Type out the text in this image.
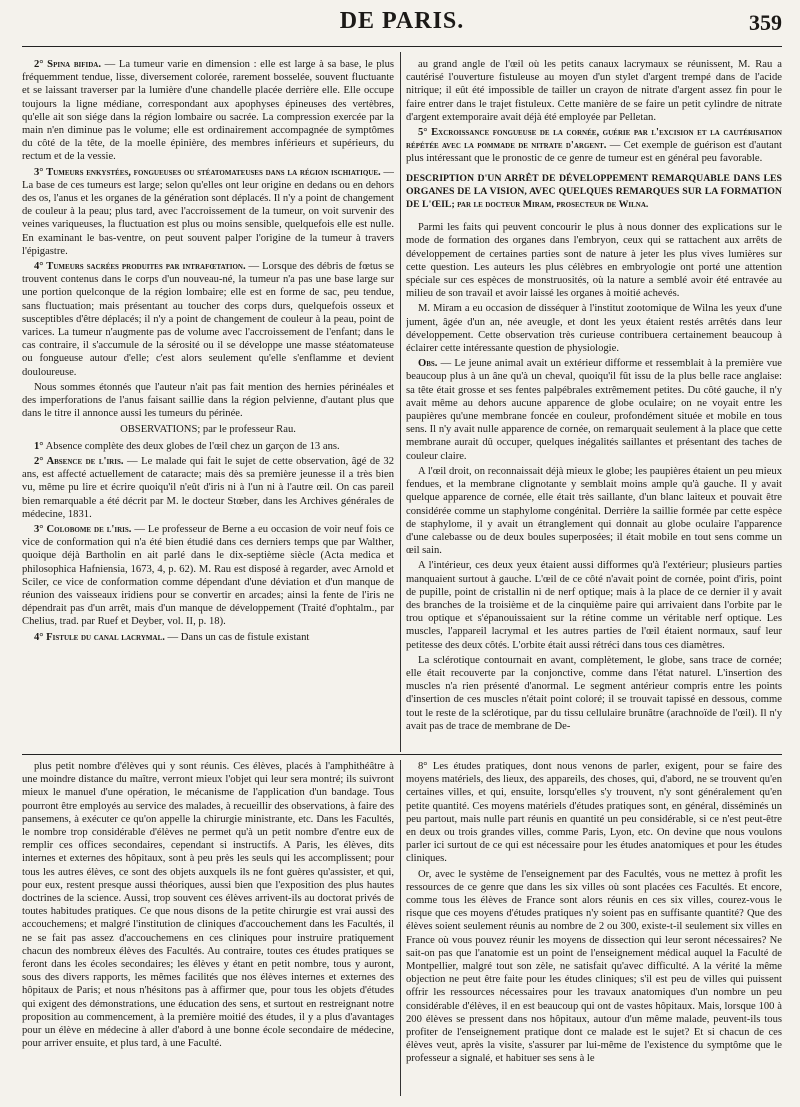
DE PARIS.	359

2° Spina bifida. — La tumeur varie en dimension : elle est large à sa base, le plus fréquemment tendue, lisse, diversement colorée, rarement bosselée, souvent fluctuante et se laissant traverser par la lumière d'une chandelle placée derrière elle. Elle occupe toujours la ligne médiane, correspondant aux apophyses épineuses des vertèbres, qu'elle ait son siége dans la région lombaire ou sacrée. La compression exercée par la main n'en diminue pas le volume; elle est ordinairement accompagnée de symptômes du côté de la tête, de la moelle épinière, des membres inférieurs et supérieurs, du rectum et de la vessie.

3° Tumeurs enkystées, fongueuses ou stéatomateuses dans la région ischiatique. — La base de ces tumeurs est large; selon qu'elles ont leur origine en dedans ou en dehors des os, l'anus et les organes de la génération sont déplacés. Il n'y a point de changement de couleur à la peau; plus tard, avec l'accroissement de la tumeur, on voit survenir des veines variqueuses, la fluctuation est plus ou moins sensible, quelquefois elle est nulle. En examinant le bas-ventre, on peut souvent palper l'origine de la tumeur à travers l'épigastre.

4° Tumeurs sacrées produites par intrafœtation. — Lorsque des débris de fœtus se trouvent contenus dans le corps d'un nouveau-né, la tumeur n'a pas une base large sur une portion quelconque de la région lombaire; elle est en forme de sac, peu tendue, sans fluctuation; mais présentant au toucher des corps durs, quelquefois osseux et susceptibles d'être déplacés; il n'y a point de changement de couleur à la peau, point de varices. La tumeur n'augmente pas de volume avec l'accroissement de l'enfant; dans le cas contraire, il s'accumule de la sérosité ou il se développe une masse stéatomateuse ou fongueuse autour d'elle; c'est alors seulement qu'elle s'enflamme et devient douloureuse.

Nous sommes étonnés que l'auteur n'ait pas fait mention des hernies périnéales et des imperforations de l'anus faisant saillie dans la région pelvienne, d'autant plus que dans le titre il annonce aussi les tumeurs du périnée.

OBSERVATIONS; par le professeur Rau.

1° Absence complète des deux globes de l'œil chez un garçon de 13 ans.

2° Absence de l'iris. — Le malade qui fait le sujet de cette observation, âgé de 32 ans, est affecté actuellement de cataracte; mais dès sa première jeunesse il a très bien vu, même pu lire et écrire quoiqu'il n'eût d'iris ni à l'un ni à l'autre œil. On cas pareil bien remarquable a été décrit par M. le docteur Stœber, dans les Archives générales de médecine, 1831.

3° Colobome de l'iris. — Le professeur de Berne a eu occasion de voir neuf fois ce vice de conformation qui n'a été bien étudié dans ces derniers temps que par Walther, quoique déjà Bartholin en ait parlé dans le dix-septième siècle (Acta medica et philosophica Hafniensia, 1673, 4, p. 62). M. Rau est disposé à regarder, avec Arnold et Sciler, ce vice de conformation comme dépendant d'une déviation et d'un manque de réunion des vaisseaux iridiens pour se convertir en arcades; ainsi la fente de l'iris ne dépendrait pas d'un arrêt, mais d'un manque de développement (Traité d'ophtalm., par Chelius, trad. par Ruef et Deyber, vol. II, p. 18).

4° Fistule du canal lacrymal. — Dans un cas de fistule existant

au grand angle de l'œil où les petits canaux lacrymaux se réunissent, M. Rau a cautérisé l'ouverture fistuleuse au moyen d'un stylet d'argent trempé dans de l'acide nitrique; il eût été impossible de tailler un crayon de nitrate d'argent assez fin pour le faire entrer dans le trajet fistuleux. Cette manière de se faire un petit cylindre de nitrate d'argent extemporaire avait déjà été employée par Pelletan.

5° Excroissance fongueuse de la cornée, guérie par l'excision et la cautérisation répétée avec la pommade de nitrate d'argent. — Cet exemple de guérison est d'autant plus intéressant que le pronostic de ce genre de tumeur est en général peu favorable.

DESCRIPTION D'UN ARRÊT DE DÉVELOPPEMENT REMARQUABLE DANS LES ORGANES DE LA VISION, AVEC QUELQUES REMARQUES SUR LA FORMATION DE L'ŒIL; par le docteur Miram, prosecteur de Wilna.

Parmi les faits qui peuvent concourir le plus à nous donner des explications sur le mode de formation des organes dans l'embryon, ceux qui se rattachent aux arrêts de développement de certaines parties sont de nature à jeter les plus vives lumières sur cette question. Les auteurs les plus célèbres en embryologie ont porté une attention spéciale sur ces espèces de monstruosités, où la nature a semblé avoir été entravée au milieu de son travail et avoir laissé les organes à moitié achevés.

M. Miram a eu occasion de disséquer à l'institut zootomique de Wilna les yeux d'une jument, âgée d'un an, née aveugle, et dont les yeux étaient restés arrêtés dans leur développement. Cette observation très curieuse contribuera certainement beaucoup à éclairer cette intéressante question de physiologie.

Obs. — Le jeune animal avait un extérieur difforme et ressemblait à la première vue beaucoup plus à un âne qu'à un cheval, quoiqu'il fût issu de la plus belle race anglaise: sa tête était grosse et ses fentes palpébrales extrêmement petites. Du côté gauche, il n'y avait même au dehors aucune apparence de globe oculaire; on ne voyait entre les paupières qu'une membrane foncée en couleur, profondément située et mobile en tous sens. Il n'y avait nulle apparence de cornée, on remarquait seulement à la place que cette membrane aurait dû occuper, quelques inégalités saillantes et présentant des taches de couleur claire.

A l'œil droit, on reconnaissait déjà mieux le globe; les paupières étaient un peu mieux fendues, et la membrane clignotante y semblait moins ample qu'à gauche. Il y avait quelque apparence de cornée, elle était très saillante, d'un blanc laiteux et pouvait être considérée comme un staphylome congénital. Derrière la saillie formée par cette espèce de staphylome, il y avait un étranglement qui donnait au globe oculaire l'apparence d'une calebasse ou de deux boules superposées; il était mobile en tout sens comme un œil sain.

A l'intérieur, ces deux yeux étaient aussi difformes qu'à l'extérieur; plusieurs parties manquaient surtout à gauche. L'œil de ce côté n'avait point de cornée, point d'iris, point de pupille, point de cristallin ni de nerf optique; mais à la place de ce dernier il y avait des branches de la troisième et de la cinquième paire qui arrivaient dans l'orbite par le trou optique et s'épanouissaient sur la rétine comme un véritable nerf optique. Les muscles, l'appareil lacrymal et les autres parties de l'œil étaient normaux, sauf leur petitesse des deux côtés. L'orbite était aussi rétréci dans tous ces diamètres.

La sclérotique contournait en avant, complètement, le globe, sans trace de cornée; elle était recouverte par la conjonctive, comme dans l'état naturel. L'insertion des muscles n'a rien présenté d'anormal. Le segment antérieur compris entre les points d'insertion de ces muscles n'était point coloré; il se trouvait tapissé en dessous, comme tout le reste de la sclérotique, par du tissu cellulaire brunâtre (arachnoïde de l'œil). Il n'y avait pas de trace de membrane de De-

plus petit nombre d'élèves qui y sont réunis. Ces élèves, placés à l'amphithéâtre à une moindre distance du maître, verront mieux l'objet qui leur sera montré; ils suivront mieux le manuel d'une opération, le mécanisme de l'application d'un bandage. Tous pourront être employés au service des malades, à recueillir des observations, à faire des pansemens, à exécuter ce qu'on appelle la chirurgie ministrante, etc. Dans les Facultés, le nombre trop considérable d'élèves ne permet qu'à un petit nombre d'entre eux de remplir ces offices secondaires, cependant si instructifs. A Paris, les élèves, dits internes et externes des hôpitaux, sont à peu près les seuls qui les accomplissent; pour tous les autres élèves, ce sont des objets auxquels ils ne font guères qu'assister, et qui, pour eux, restent presque aussi théoriques, aussi bien que l'exposition des plus hautes doctrines de la science. Aussi, trop souvent ces élèves arrivent-ils au doctorat privés de toutes habitudes pratiques. Ce que nous disons de la petite chirurgie est vrai aussi des accouchemens; et malgré l'institution de cliniques d'accouchement dans les Facultés, il ne se fait pas assez d'accouchemens en ces cliniques pour instruire pratiquement chacun des nombreux élèves des Facultés. Au contraire, toutes ces études pratiques se feront dans les écoles secondaires; les élèves y étant en petit nombre, tous y auront, sous des divers rapports, les mêmes facilités que nos élèves internes et externes des hôpitaux de Paris; et nous n'hésitons pas à affirmer que, pour tous les objets d'études qui exigent des démonstrations, une éducation des sens, et surtout en restreignant notre proposition au commencement, à la première moitié des études, il y a plus d'avantages pour un élève en médecine à aller d'abord à une bonne école secondaire de médecine, pour arriver ensuite, et plus tard, à une Faculté.

8° Les études pratiques, dont nous venons de parler, exigent, pour se faire des moyens matériels, des lieux, des appareils, des choses, qui, d'abord, ne se trouvent qu'en certaines villes, et qui, ensuite, lorsqu'elles s'y trouvent, n'y sont généralement qu'en petite quantité. Ces moyens matériels d'études pratiques sont, en général, disséminés un peu partout, mais nulle part réunis en quantité un peu considérable, si ce n'est peut-être en deux ou trois grandes villes, comme Paris, Lyon, etc. On devine que nous voulons parler ici surtout de ce qui est nécessaire pour les études anatomiques et pour les études cliniques.

Or, avec le système de l'enseignement par des Facultés, vous ne mettez à profit les ressources de ce genre que dans les six villes où sont placées ces Facultés. Et encore, comme tous les élèves de France sont alors réunis en ces six villes, courez-vous le risque que ces moyens d'études pratiques n'y soient pas en suffisante quantité? Que des élèves soient seulement réunis au nombre de 2 ou 300, existe-t-il seulement six villes en France où vous pouvez réunir les moyens de dissection qui leur seront nécessaires? Ne sait-on pas que l'anatomie est un point de l'enseignement médical auquel la Faculté de Montpellier, malgré tout son zèle, ne satisfait qu'avec difficulté. A la vérité la même objection ne peut être faite pour les études cliniques; s'il est peu de villes qui puissent offrir les ressources nécessaires pour les travaux anatomiques d'un nombre un peu considérable d'élèves, il en est beaucoup qui ont de vastes hôpitaux. Mais, lorsque 100 à 200 élèves se pressent dans nos hôpitaux, autour d'un même malade, peuvent-ils tous profiter de l'enseignement pratique dont ce malade est le sujet? Et si chacun de ces élèves veut, après la visite, s'assurer par lui-même de l'existence du symptôme que le professeur a signalé, et habituer ses sens à le
